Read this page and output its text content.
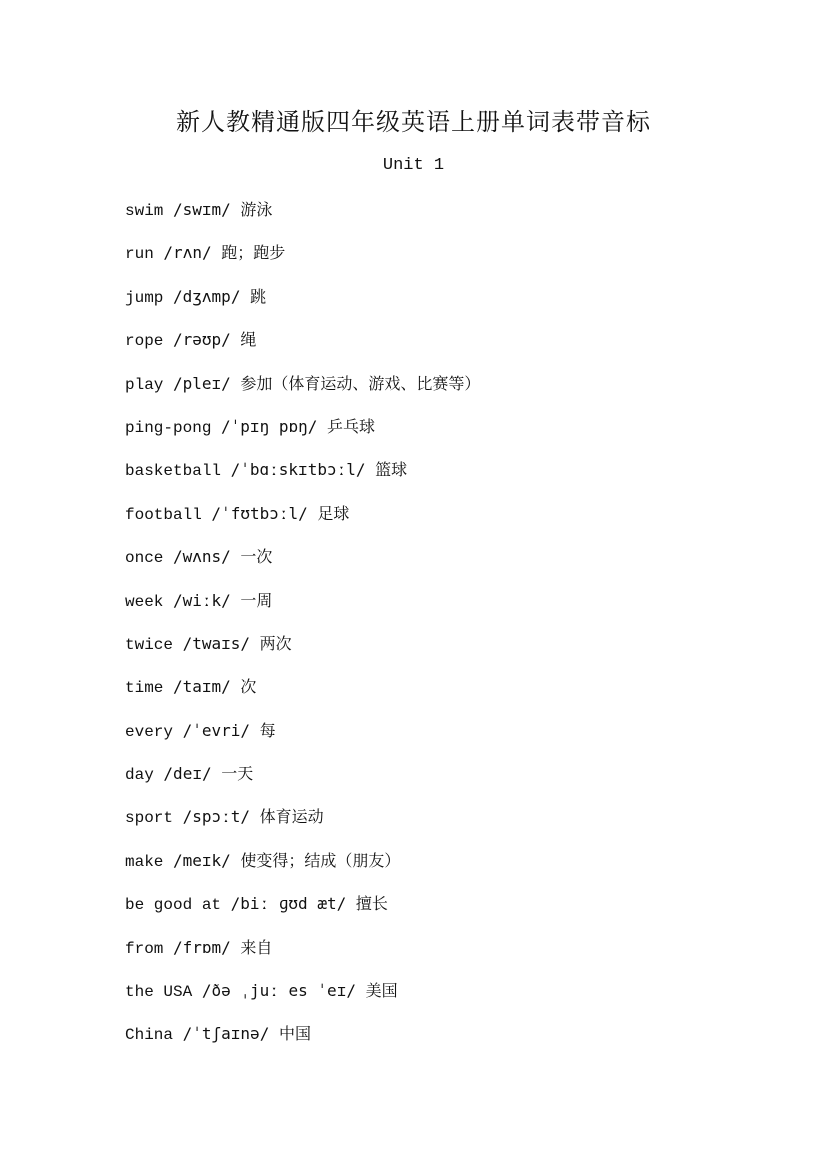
新人教精通版四年级英语上册单词表带音标
Unit 1
swim /swɪm/ 游泳
run /rʌn/ 跑；跑步
jump /dʒʌmp/ 跳
rope /rəʊp/ 绳
play /pleɪ/ 参加（体育运动、游戏、比赛等）
ping-pong /ˈpɪŋ pɒŋ/ 乒乓球
basketball /ˈbɑːskɪtbɔːl/ 篮球
football /ˈfʊtbɔːl/ 足球
once /wʌns/ 一次
week /wiːk/ 一周
twice /twaɪs/ 两次
time /taɪm/ 次
every /ˈevri/ 每
day /deɪ/ 一天
sport /spɔːt/ 体育运动
make /meɪk/ 使变得；结成（朋友）
be good at /biː ɡʊd æt/ 擅长
from /frɒm/ 来自
the USA /ðə ˌjuː es ˈeɪ/ 美国
China /ˈtʃaɪnə/ 中国
